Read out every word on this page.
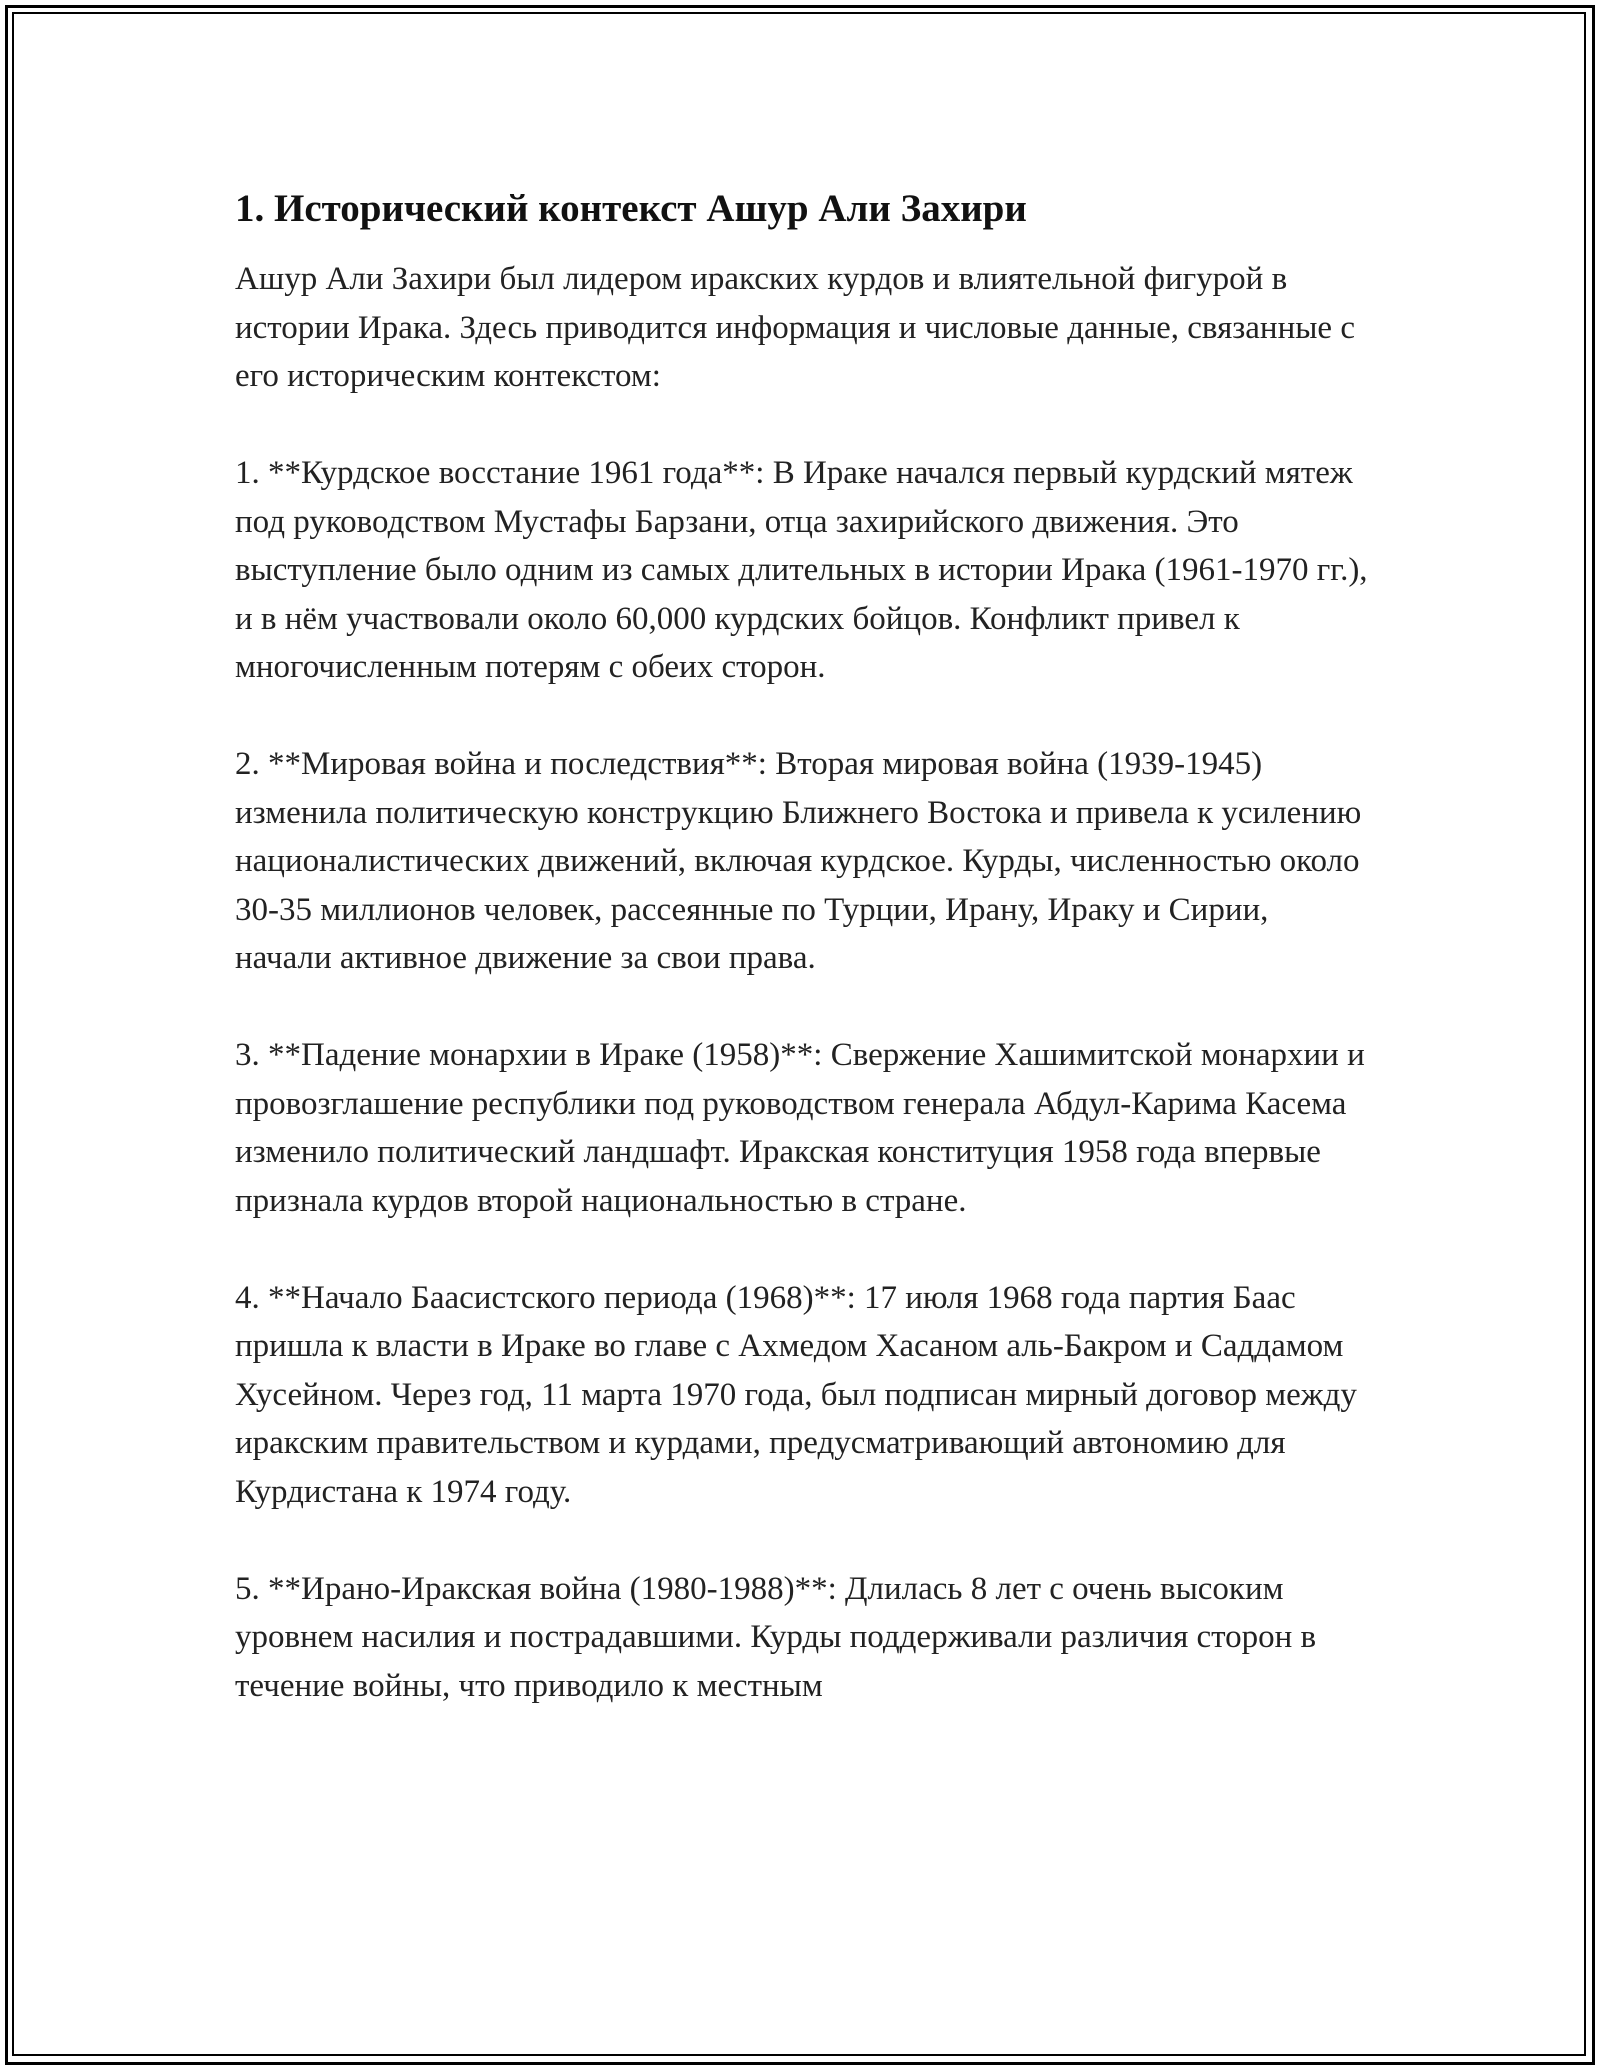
1. Исторический контекст Ашур Али Захири

Ашур Али Захири был лидером иракских курдов и влиятельной фигурой в истории Ирака. Здесь приводится информация и числовые данные, связанные с его историческим контекстом:

1. **Курдское восстание 1961 года**: В Ираке начался первый курдский мятеж под руководством Мустафы Барзани, отца захирийского движения. Это выступление было одним из самых длительных в истории Ирака (1961-1970 гг.), и в нём участвовали около 60,000 курдских бойцов. Конфликт привел к многочисленным потерям с обеих сторон.

2. **Мировая война и последствия**: Вторая мировая война (1939-1945) изменила политическую конструкцию Ближнего Востока и привела к усилению националистических движений, включая курдское. Курды, численностью около 30-35 миллионов человек, рассеянные по Турции, Ирану, Ираку и Сирии, начали активное движение за свои права.

3. **Падение монархии в Ираке (1958)**: Свержение Хашимитской монархии и провозглашение республики под руководством генерала Абдул-Карима Касема изменило политический ландшафт. Иракская конституция 1958 года впервые признала курдов второй национальностью в стране.

4. **Начало Баасистского периода (1968)**: 17 июля 1968 года партия Баас пришла к власти в Ираке во главе с Ахмедом Хасаном аль-Бакром и Саддамом Хусейном. Через год, 11 марта 1970 года, был подписан мирный договор между иракским правительством и курдами, предусматривающий автономию для Курдистана к 1974 году.

5. **Ирано-Иракская война (1980-1988)**: Длилась 8 лет с очень высоким уровнем насилия и пострадавшими. Курды поддерживали различия сторон в течение войны, что приводило к местным
